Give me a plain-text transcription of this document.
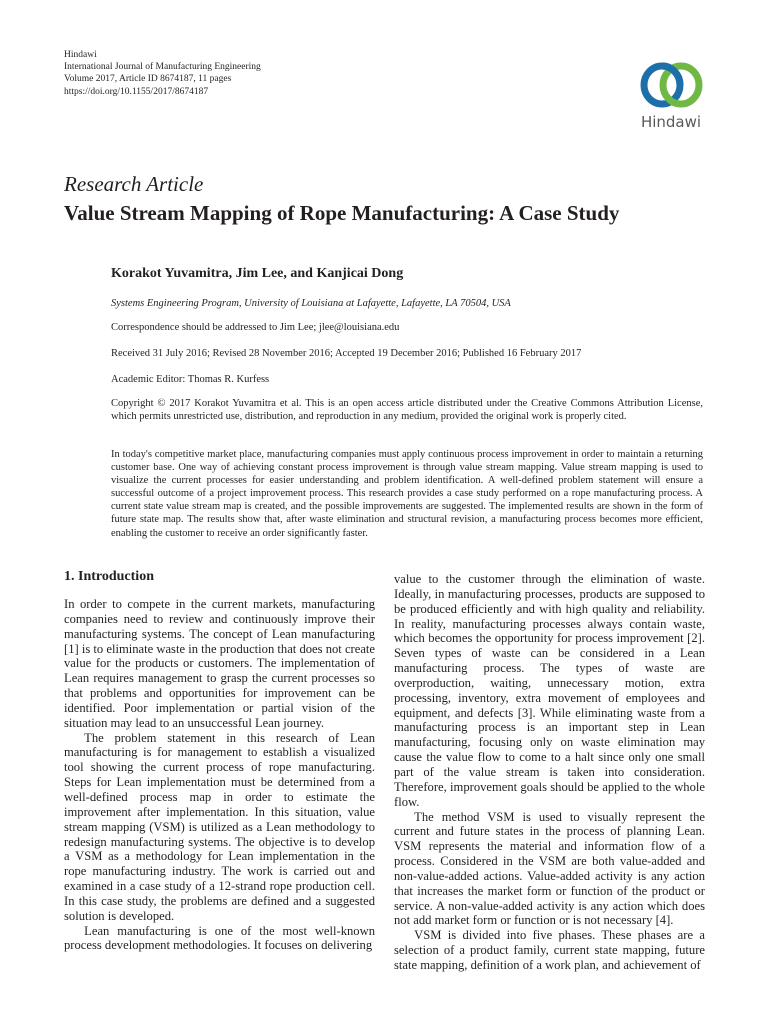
Hindawi
International Journal of Manufacturing Engineering
Volume 2017, Article ID 8674187, 11 pages
https://doi.org/10.1155/2017/8674187
Hindawi
Research Article
Value Stream Mapping of Rope Manufacturing: A Case Study
Korakot Yuvamitra, Jim Lee, and Kanjicai Dong
Systems Engineering Program, University of Louisiana at Lafayette, Lafayette, LA 70504, USA
Correspondence should be addressed to Jim Lee; jlee@louisiana.edu
Received 31 July 2016; Revised 28 November 2016; Accepted 19 December 2016; Published 16 February 2017
Academic Editor: Thomas R. Kurfess

Copyright © 2017 Korakot Yuvamitra et al. This is an open access article distributed under the Creative Commons Attribution License, which permits unrestricted use, distribution, and reproduction in any medium, provided the original work is properly cited.

In today's competitive market place, manufacturing companies must apply continuous process improvement in order to maintain a returning customer base. One way of achieving constant process improvement is through value stream mapping. Value stream mapping is used to visualize the current processes for easier understanding and problem identification. A well-defined problem statement will ensure a successful outcome of a project improvement process. This research provides a case study performed on a rope manufacturing process. A current state value stream map is created, and the possible improvements are suggested. The implemented results are shown in the form of future state map. The results show that, after waste elimination and structural revision, a manufacturing process becomes more efficient, enabling the customer to receive an order significantly faster.

1. Introduction

In order to compete in the current markets, manufacturing companies need to review and continuously improve their manufacturing systems. The concept of Lean manufacturing [1] is to eliminate waste in the production that does not create value for the products or customers. The implementation of Lean requires management to grasp the current processes so that problems and opportunities for improvement can be identified. Poor implementation or partial vision of the situation may lead to an unsuccessful Lean journey.

The problem statement in this research of Lean manufacturing is for management to establish a visualized tool showing the current process of rope manufacturing. Steps for Lean implementation must be determined from a well-defined process map in order to estimate the improvement after implementation. In this situation, value stream mapping (VSM) is utilized as a Lean methodology to redesign manufacturing systems. The objective is to develop a VSM as a methodology for Lean implementation in the rope manufacturing industry. The work is carried out and examined in a case study of a 12-strand rope production cell. In this case study, the problems are defined and a suggested solution is developed.

Lean manufacturing is one of the most well-known process development methodologies. It focuses on delivering

value to the customer through the elimination of waste. Ideally, in manufacturing processes, products are supposed to be produced efficiently and with high quality and reliability. In reality, manufacturing processes always contain waste, which becomes the opportunity for process improvement [2]. Seven types of waste can be considered in a Lean manufacturing process. The types of waste are overproduction, waiting, unnecessary motion, extra processing, inventory, extra movement of employees and equipment, and defects [3]. While eliminating waste from a manufacturing process is an important step in Lean manufacturing, focusing only on waste elimination may cause the value flow to come to a halt since only one small part of the value stream is taken into consideration. Therefore, improvement goals should be applied to the whole flow.

The method VSM is used to visually represent the current and future states in the process of planning Lean. VSM represents the material and information flow of a process. Considered in the VSM are both value-added and non-value-added actions. Value-added activity is any action that increases the market form or function of the product or service. A non-value-added activity is any action which does not add market form or function or is not necessary [4].

VSM is divided into five phases. These phases are a selection of a product family, current state mapping, future state mapping, definition of a work plan, and achievement of
